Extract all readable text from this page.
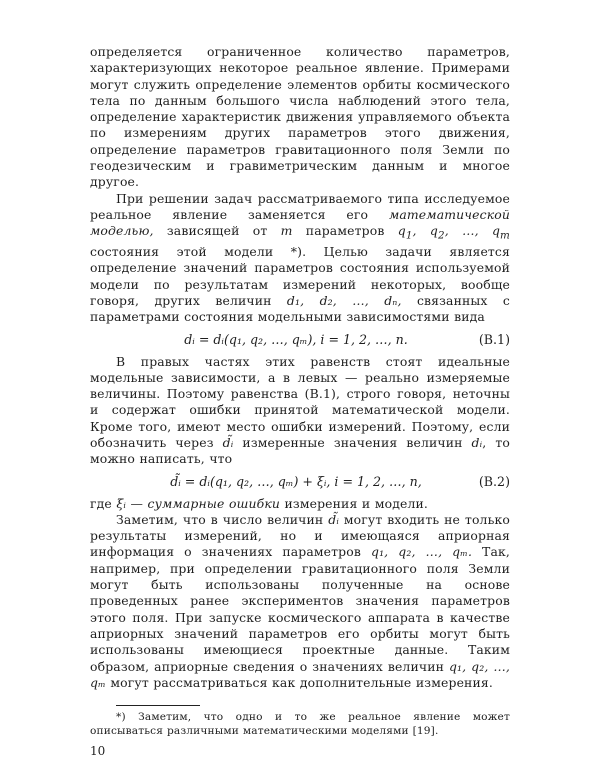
определяется ограниченное количество параметров, характеризующих некоторое реальное явление. Примерами могут служить определение элементов орбиты космического тела по данным большого числа наблюдений этого тела, определение характеристик движения управляемого объекта по измерениям других параметров этого движения, определение параметров гравитационного поля Земли по геодезическим и гравиметрическим данным и многое другое.

При решении задач рассматриваемого типа исследуемое реальное явление заменяется его математической моделью, зависящей от m параметров $q_1$, $q_2$, …, $q_m$ состояния этой модели *). Целью задачи является определение значений параметров состояния используемой модели по результатам измерений некоторых, вообще говоря, других величин d₁, d₂, …, dₙ, связанных с параметрами состояния модельными зависимостями вида

dᵢ = dᵢ(q₁, q₂, …, qₘ), i = 1, 2, …, n.	(В.1)

В правых частях этих равенств стоят идеальные модельные зависимости, а в левых — реально измеряемые величины. Поэтому равенства (В.1), строго говоря, неточны и содержат ошибки принятой математической модели. Кроме того, имеют место ошибки измерений. Поэтому, если обозначить через d̃ᵢ измеренные значения величин dᵢ, то можно написать, что

d̃ᵢ = dᵢ(q₁, q₂, …, qₘ) + ξᵢ, i = 1, 2, …, n,	(В.2)

где ξᵢ — суммарные ошибки измерения и модели.

Заметим, что в число величин d̃ᵢ могут входить не только результаты измерений, но и имеющаяся априорная информация о значениях параметров q₁, q₂, …, qₘ. Так, например, при определении гравитационного поля Земли могут быть использованы полученные на основе проведенных ранее экспериментов значения параметров этого поля. При запуске космического аппарата в качестве априорных значений параметров его орбиты могут быть использованы имеющиеся проектные данные. Таким образом, априорные сведения о значениях величин q₁, q₂, …, qₘ могут рассматриваться как дополнительные измерения.

*) Заметим, что одно и то же реальное явление может описываться различными математическими моделями [19].

10
